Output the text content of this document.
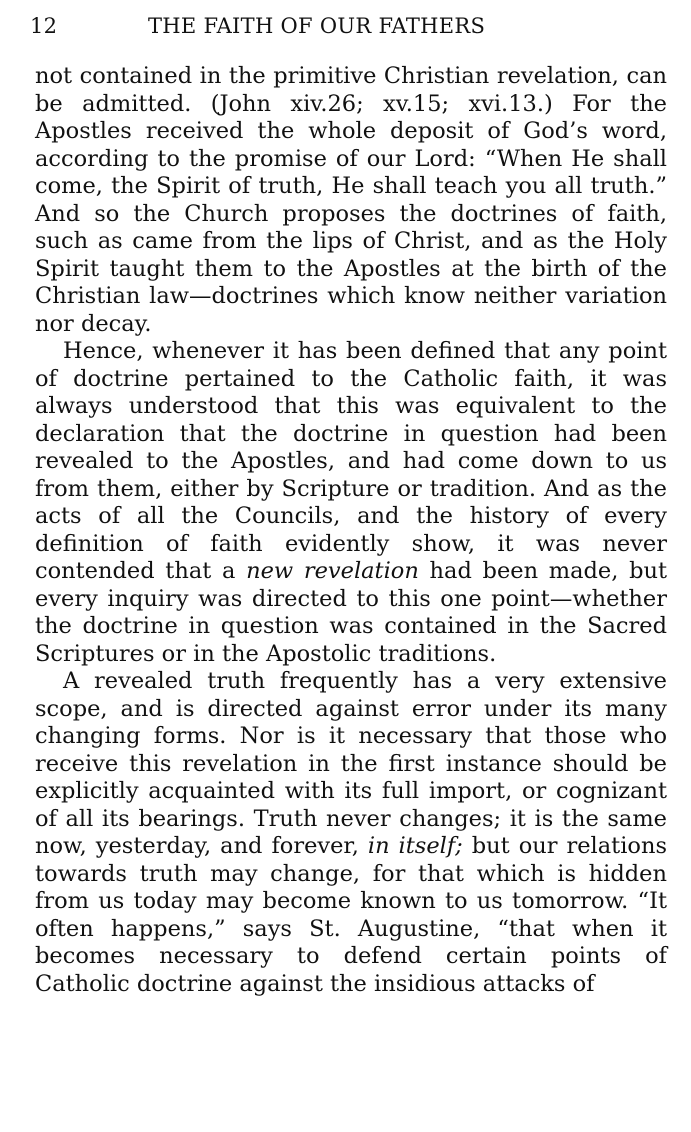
12	THE FAITH OF OUR FATHERS

not contained in the primitive Christian revelation, can be admitted. (John xiv.26; xv.15; xvi.13.) For the Apostles received the whole deposit of God’s word, according to the promise of our Lord: “When He shall come, the Spirit of truth, He shall teach you all truth.” And so the Church proposes the doctrines of faith, such as came from the lips of Christ, and as the Holy Spirit taught them to the Apostles at the birth of the Christian law—doctrines which know neither variation nor decay.

Hence, whenever it has been defined that any point of doctrine pertained to the Catholic faith, it was always understood that this was equivalent to the declaration that the doctrine in question had been revealed to the Apostles, and had come down to us from them, either by Scripture or tradition. And as the acts of all the Councils, and the history of every definition of faith evidently show, it was never contended that a new revelation had been made, but every inquiry was directed to this one point—whether the doctrine in question was contained in the Sacred Scriptures or in the Apostolic traditions.

A revealed truth frequently has a very extensive scope, and is directed against error under its many changing forms. Nor is it necessary that those who receive this revelation in the first instance should be explicitly acquainted with its full import, or cognizant of all its bearings. Truth never changes; it is the same now, yesterday, and forever, in itself; but our relations towards truth may change, for that which is hidden from us today may become known to us tomorrow. “It often happens,” says St. Augustine, “that when it becomes necessary to defend certain points of Catholic doctrine against the insidious attacks of
